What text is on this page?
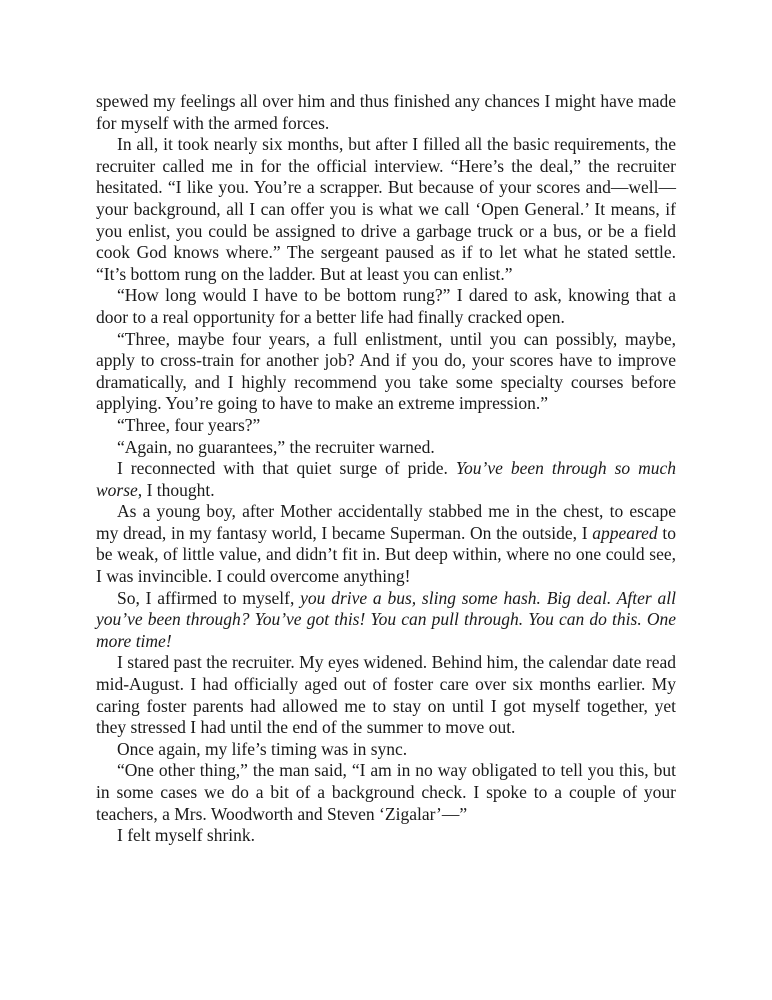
spewed my feelings all over him and thus finished any chances I might have made for myself with the armed forces.

In all, it took nearly six months, but after I filled all the basic requirements, the recruiter called me in for the official interview. “Here’s the deal,” the recruiter hesitated. “I like you. You’re a scrapper. But because of your scores and—well—your background, all I can offer you is what we call ‘Open General.’ It means, if you enlist, you could be assigned to drive a garbage truck or a bus, or be a field cook God knows where.” The sergeant paused as if to let what he stated settle. “It’s bottom rung on the ladder. But at least you can enlist.”

“How long would I have to be bottom rung?” I dared to ask, knowing that a door to a real opportunity for a better life had finally cracked open.

“Three, maybe four years, a full enlistment, until you can possibly, maybe, apply to cross-train for another job? And if you do, your scores have to improve dramatically, and I highly recommend you take some specialty courses before applying. You’re going to have to make an extreme impression.”

“Three, four years?”

“Again, no guarantees,” the recruiter warned.

I reconnected with that quiet surge of pride. You’ve been through so much worse, I thought.

As a young boy, after Mother accidentally stabbed me in the chest, to escape my dread, in my fantasy world, I became Superman. On the outside, I appeared to be weak, of little value, and didn’t fit in. But deep within, where no one could see, I was invincible. I could overcome anything!

So, I affirmed to myself, you drive a bus, sling some hash. Big deal. After all you’ve been through? You’ve got this! You can pull through. You can do this. One more time!

I stared past the recruiter. My eyes widened. Behind him, the calendar date read mid-August. I had officially aged out of foster care over six months earlier. My caring foster parents had allowed me to stay on until I got myself together, yet they stressed I had until the end of the summer to move out.

Once again, my life’s timing was in sync.

“One other thing,” the man said, “I am in no way obligated to tell you this, but in some cases we do a bit of a background check. I spoke to a couple of your teachers, a Mrs. Woodworth and Steven ‘Zigalar’—”

I felt myself shrink.
